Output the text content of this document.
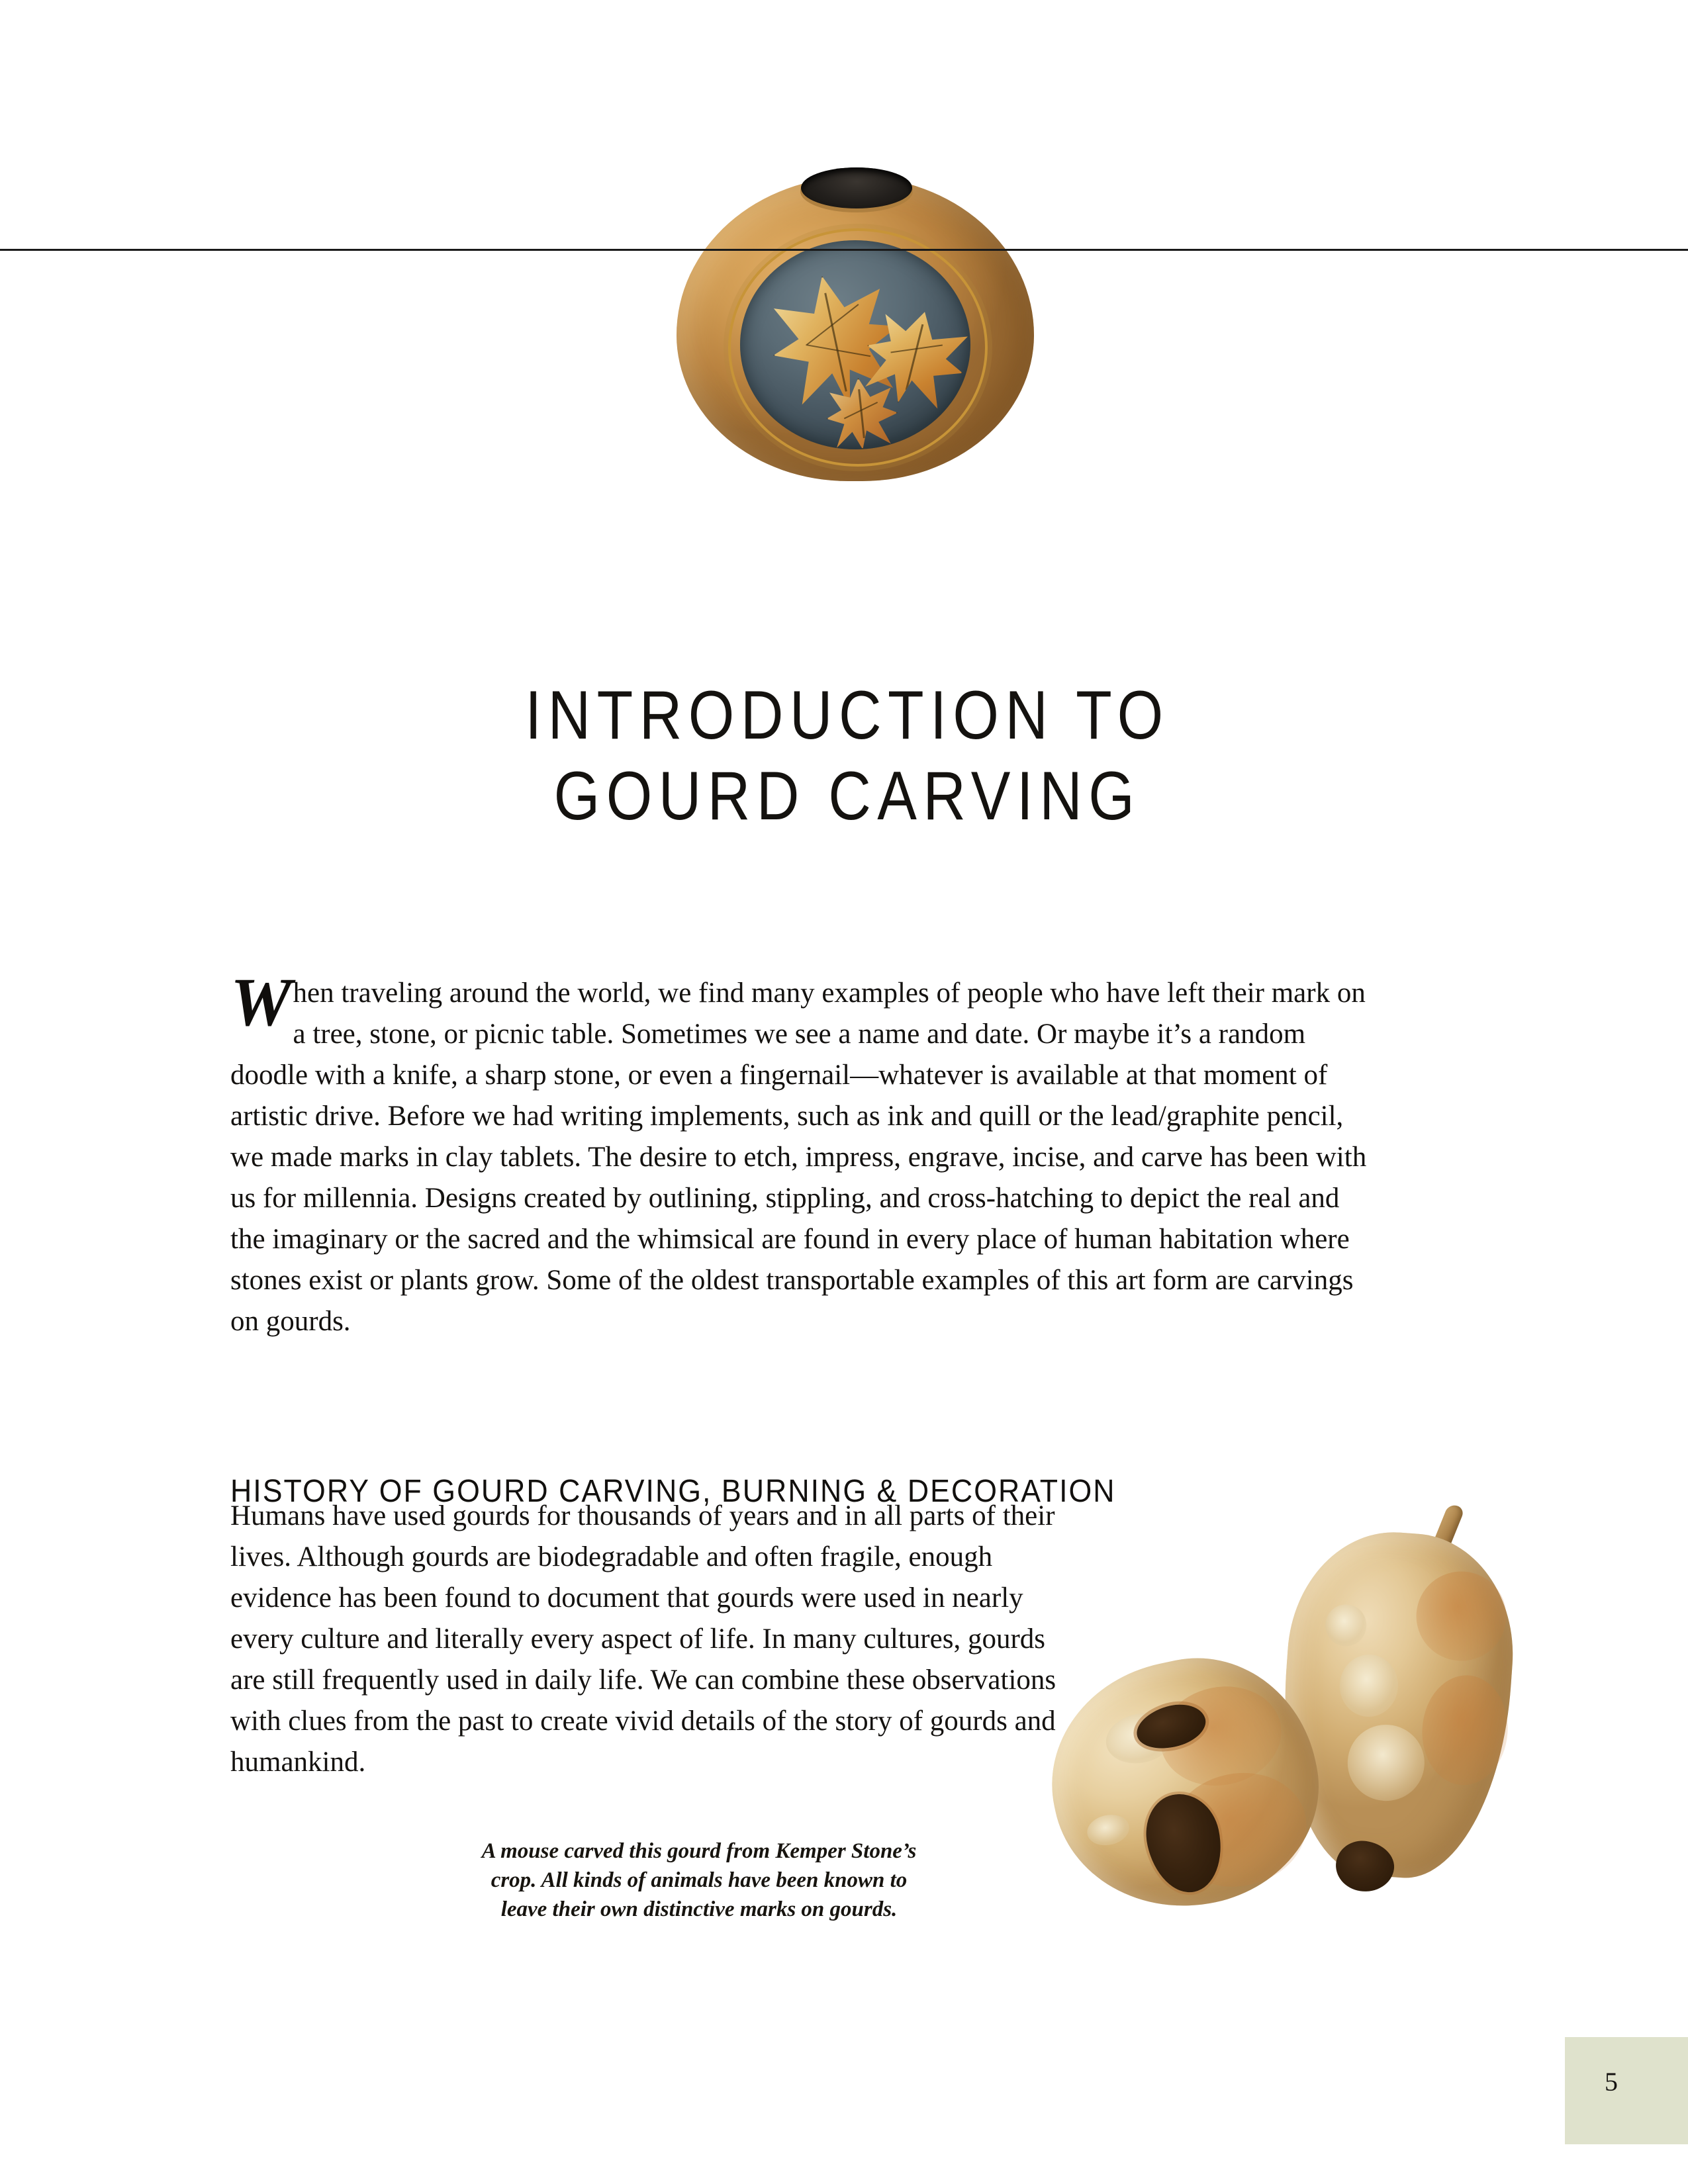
INTRODUCTION TO
GOURD CARVING

When traveling around the world, we find many examples of people who have left their mark on a tree, stone, or picnic table. Sometimes we see a name and date. Or maybe it’s a random doodle with a knife, a sharp stone, or even a fingernail—whatever is available at that moment of artistic drive. Before we had writing implements, such as ink and quill or the lead/graphite pencil, we made marks in clay tablets. The desire to etch, impress, engrave, incise, and carve has been with us for millennia. Designs created by outlining, stippling, and cross-hatching to depict the real and the imaginary or the sacred and the whimsical are found in every place of human habitation where stones exist or plants grow. Some of the oldest transportable examples of this art form are carvings on gourds.

HISTORY OF GOURD CARVING, BURNING & DECORATION

Humans have used gourds for thousands of years and in all parts of their lives. Although gourds are biodegradable and often fragile, enough evidence has been found to document that gourds were used in nearly every culture and literally every aspect of life. In many cultures, gourds are still frequently used in daily life. We can combine these observations with clues from the past to create vivid details of the story of gourds and humankind.

A mouse carved this gourd from Kemper Stone’s
crop. All kinds of animals have been known to
leave their own distinctive marks on gourds.
5
